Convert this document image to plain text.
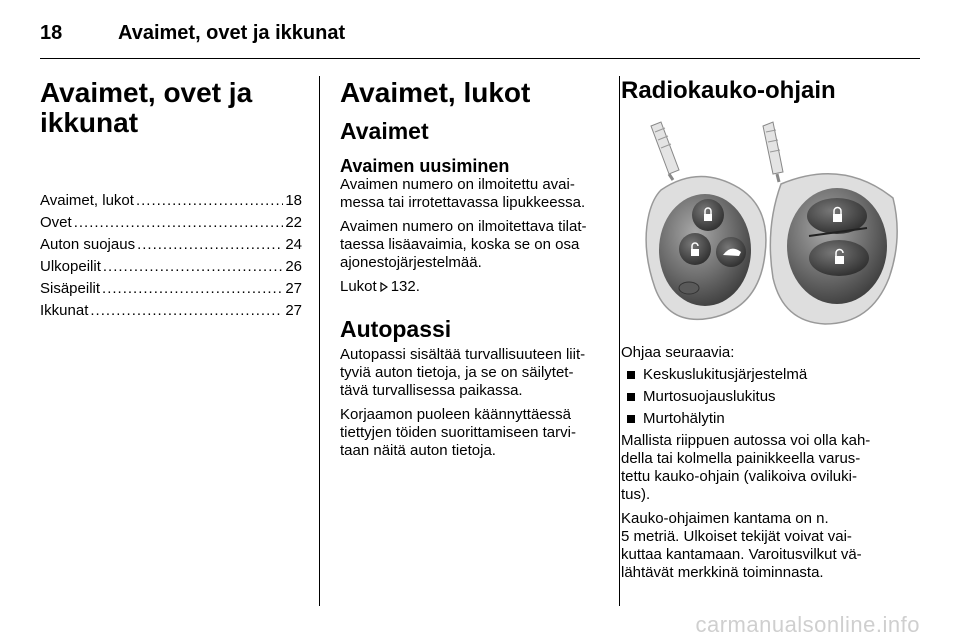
18	Avaimet, ovet ja ikkunat
Avaimet, ovet ja
ikkunat
Avaimet, lukot .....	18
Ovet .....	22
Auton suojaus .....	24
Ulkopeilit .....	26
Sisäpeilit .....	27
Ikkunat .....	27
Avaimet, lukot
Avaimet
Avaimen uusiminen

Avaimen numero on ilmoitettu avai-
messa tai irrotettavassa lipukkeessa.

Avaimen numero on ilmoitettava tilat-
taessa lisäavaimia, koska se on osa
ajonestojärjestelmää.

Lukot 132.

Autopassi

Autopassi sisältää turvallisuuteen liit-
tyviä auton tietoja, ja se on säilytet-
tävä turvallisessa paikassa.

Korjaamon puoleen käännyttäessä
tiettyjen töiden suorittamiseen tarvi-
taan näitä auton tietoja.

Radiokauko-ohjain

Ohjaa seuraavia:

Keskuslukitusjärjestelmä
Murtosuojauslukitus
Murtohälytin

Mallista riippuen autossa voi olla kah-
della tai kolmella painikkeella varus-
tettu kauko-ohjain (valikoiva oviluki-
tus).

Kauko-ohjaimen kantama on n.
5 metriä. Ulkoiset tekijät voivat vai-
kuttaa kantamaan. Varoitusvilkut vä-
lähtävät merkkinä toiminnasta.

carmanualsonline.info
